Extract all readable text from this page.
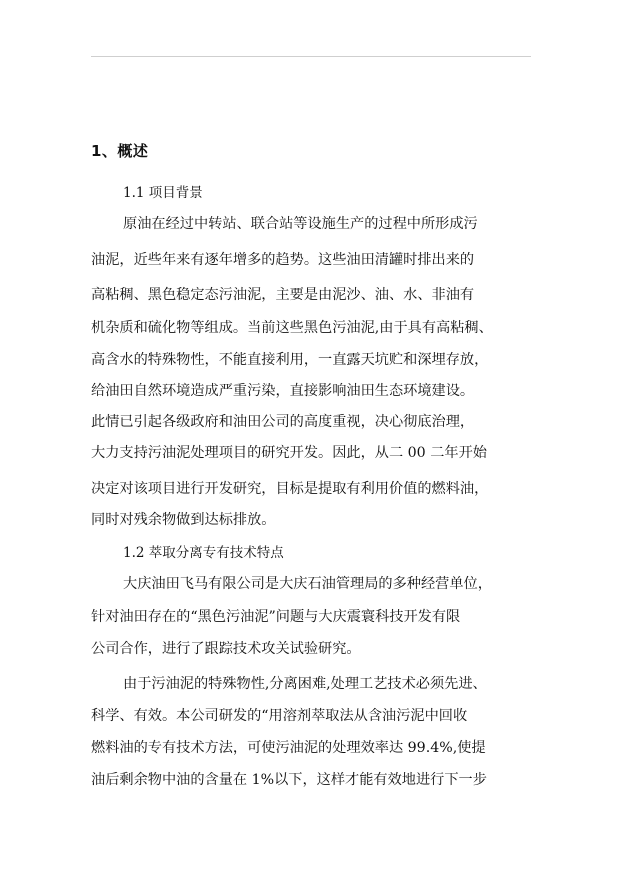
1、概述
1.1 项目背景
原油在经过中转站、联合站等设施生产的过程中所形成污
油泥，近些年来有逐年增多的趋势。这些油田清罐时排出来的
高粘稠、黑色稳定态污油泥，主要是由泥沙、油、水、非油有
机杂质和硫化物等组成。当前这些黑色污油泥,由于具有高粘稠、
高含水的特殊物性，不能直接利用，一直露天坑贮和深埋存放，
给油田自然环境造成严重污染，直接影响油田生态环境建设。
此情已引起各级政府和油田公司的高度重视，决心彻底治理，
大力支持污油泥处理项目的研究开发。因此，从二 00 二年开始
决定对该项目进行开发研究，目标是提取有利用价值的燃料油，
同时对残余物做到达标排放。
1.2 萃取分离专有技术特点
大庆油田飞马有限公司是大庆石油管理局的多种经营单位，
针对油田存在的“黑色污油泥”问题与大庆震寰科技开发有限
公司合作，进行了跟踪技术攻关试验研究。
由于污油泥的特殊物性,分离困难,处理工艺技术必须先进、
科学、有效。本公司研发的“用溶剂萃取法从含油污泥中回收
燃料油的专有技术方法，可使污油泥的处理效率达 99.4%,使提
油后剩余物中油的含量在 1%以下，这样才能有效地进行下一步
